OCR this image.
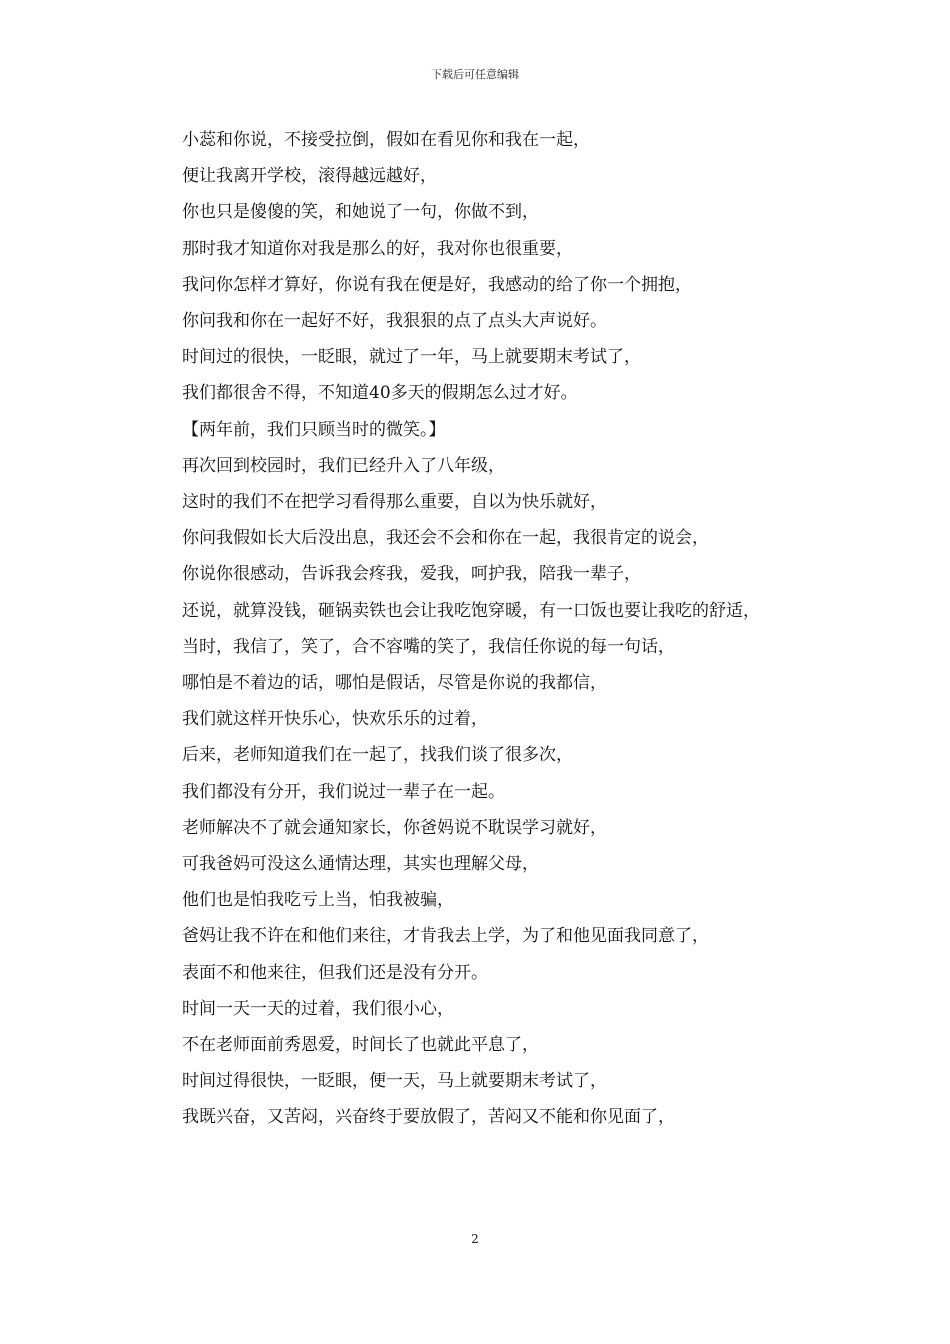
下载后可任意编辑

小蕊和你说，不接受拉倒，假如在看见你和我在一起，

便让我离开学校，滚得越远越好，

你也只是傻傻的笑，和她说了一句，你做不到，

那时我才知道你对我是那么的好，我对你也很重要，

我问你怎样才算好，你说有我在便是好，我感动的给了你一个拥抱，

你问我和你在一起好不好，我狠狠的点了点头大声说好。

时间过的很快，一眨眼，就过了一年，马上就要期末考试了，

我们都很舍不得，不知道40多天的假期怎么过才好。

【两年前，我们只顾当时的微笑。】

再次回到校园时，我们已经升入了八年级，

这时的我们不在把学习看得那么重要，自以为快乐就好，

你问我假如长大后没出息，我还会不会和你在一起，我很肯定的说会，

你说你很感动，告诉我会疼我，爱我，呵护我，陪我一辈子，

还说，就算没钱，砸锅卖铁也会让我吃饱穿暖，有一口饭也要让我吃的舒适，

当时，我信了，笑了，合不容嘴的笑了，我信任你说的每一句话，

哪怕是不着边的话，哪怕是假话，尽管是你说的我都信，

我们就这样开快乐心，快欢乐乐的过着，

后来，老师知道我们在一起了，找我们谈了很多次，

我们都没有分开，我们说过一辈子在一起。

老师解决不了就会通知家长，你爸妈说不耽误学习就好，

可我爸妈可没这么通情达理，其实也理解父母，

他们也是怕我吃亏上当，怕我被骗，

爸妈让我不许在和他们来往，才肯我去上学，为了和他见面我同意了，

表面不和他来往，但我们还是没有分开。

时间一天一天的过着，我们很小心，

不在老师面前秀恩爱，时间长了也就此平息了，

时间过得很快，一眨眼，便一天，马上就要期末考试了，

我既兴奋，又苦闷，兴奋终于要放假了，苦闷又不能和你见面了，

2
